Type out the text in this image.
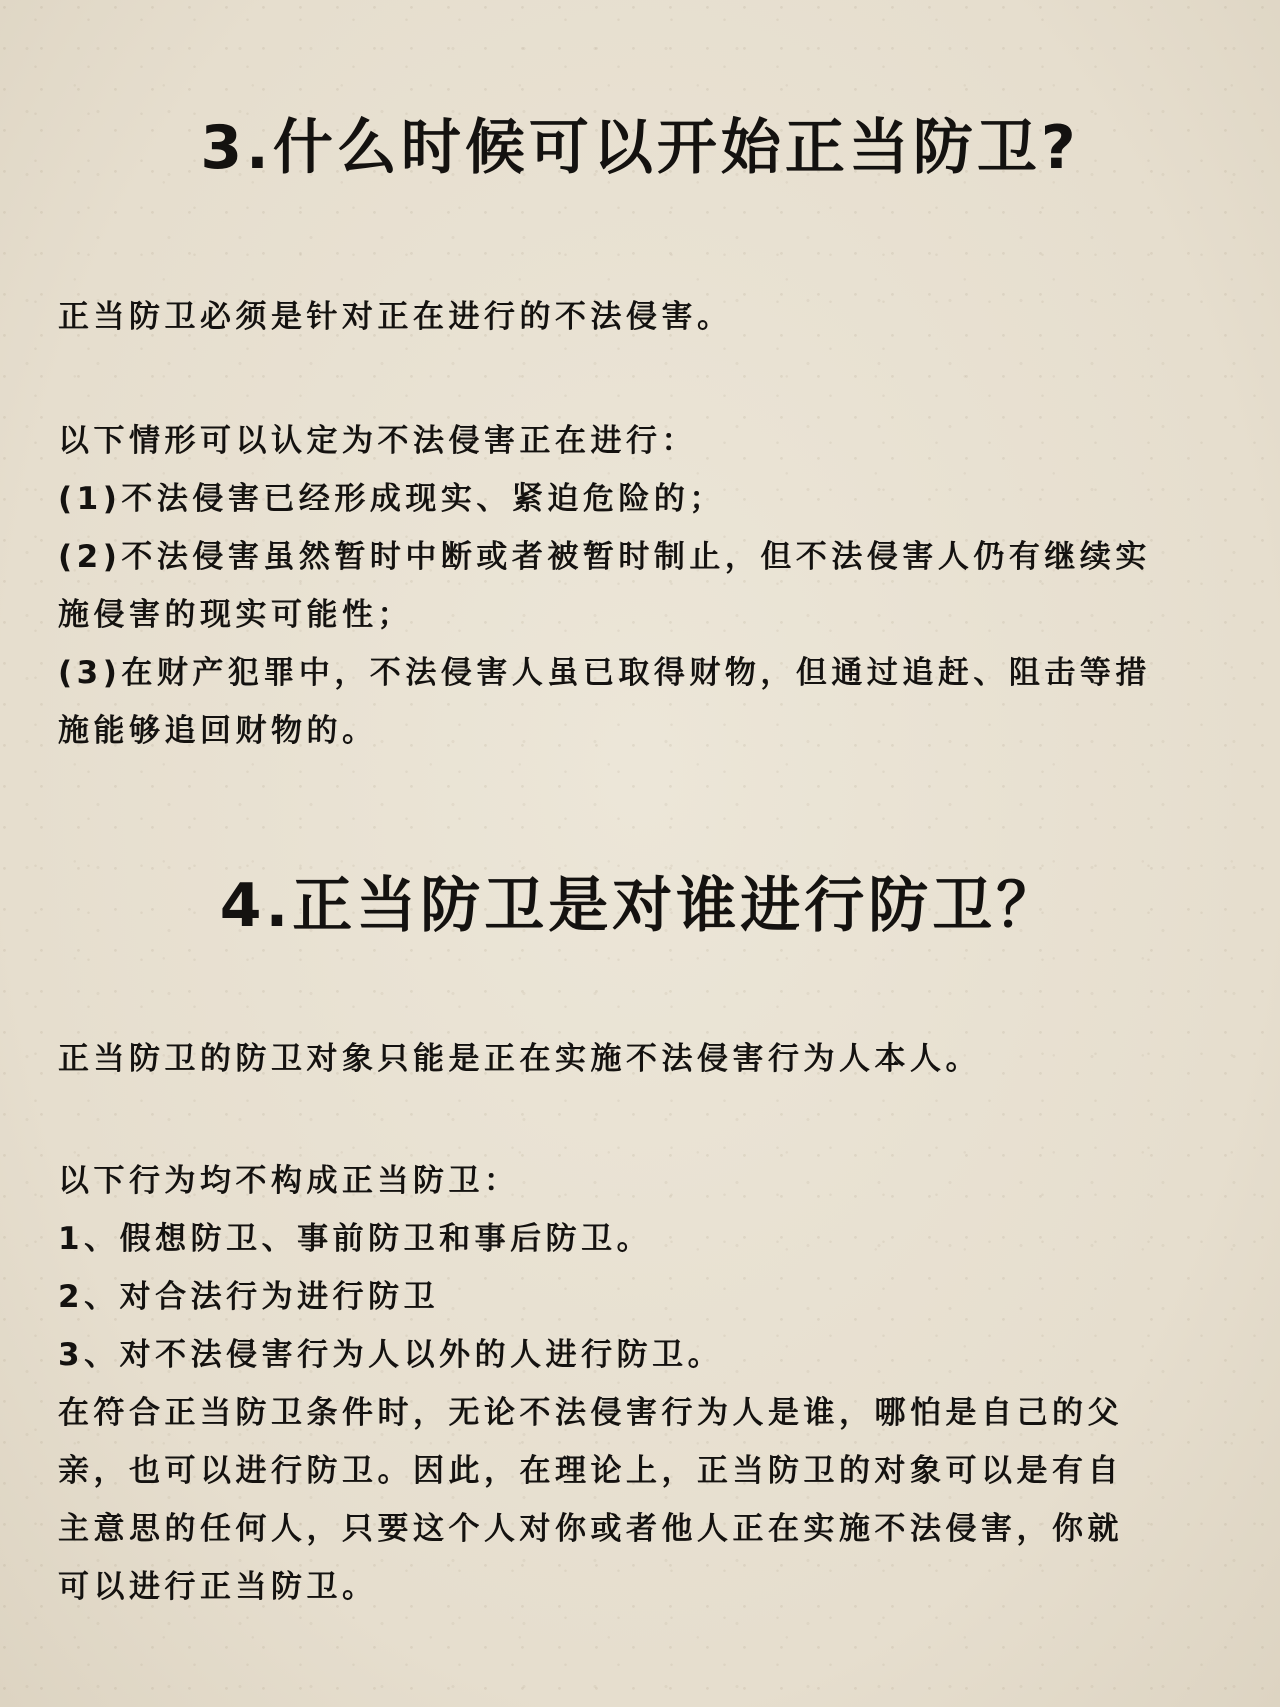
3.什么时候可以开始正当防卫?

正当防卫必须是针对正在进行的不法侵害。

以下情形可以认定为不法侵害正在进行：
(1)不法侵害已经形成现实、紧迫危险的；
(2)不法侵害虽然暂时中断或者被暂时制止，但不法侵害人仍有继续实
施侵害的现实可能性；
(3)在财产犯罪中，不法侵害人虽已取得财物，但通过追赶、阻击等措
施能够追回财物的。
4.正当防卫是对谁进行防卫？

正当防卫的防卫对象只能是正在实施不法侵害行为人本人。

以下行为均不构成正当防卫：
1、假想防卫、事前防卫和事后防卫。
2、对合法行为进行防卫
3、对不法侵害行为人以外的人进行防卫。
在符合正当防卫条件时，无论不法侵害行为人是谁，哪怕是自己的父
亲，也可以进行防卫。因此，在理论上，正当防卫的对象可以是有自
主意思的任何人，只要这个人对你或者他人正在实施不法侵害，你就
可以进行正当防卫。
